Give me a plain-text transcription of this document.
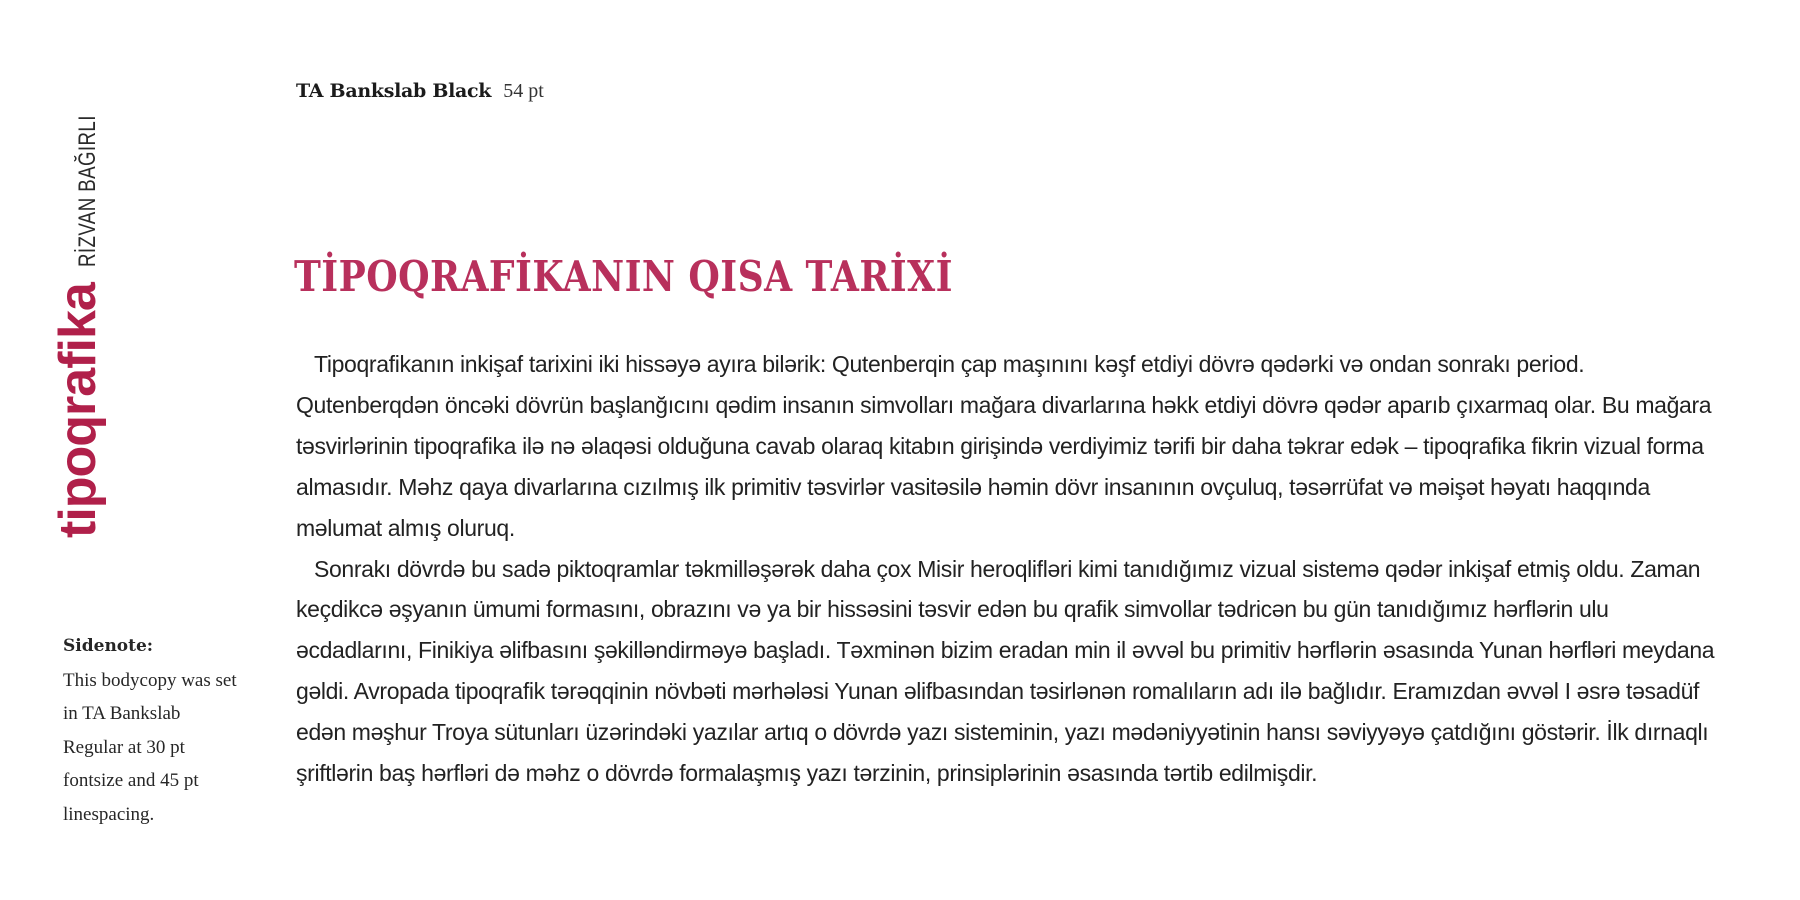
tipoqrafika
RİZVAN BAĞIRLI
TA Bankslab Black 54 pt
TİPOQRAFİKANIN QISA TARİXİ

Tipoqrafikanın inkişaf tarixini iki hissəyə ayıra bilərik: Qutenberqin çap maşınını kəşf etdiyi dövrə qədərki və ondan sonrakı period. Qutenberqdən öncəki dövrün başlanğıcını qədim insanın simvolları mağara divarlarına həkk etdiyi dövrə qədər aparıb çıxarmaq olar. Bu mağara təsvirlərinin tipoqrafika ilə nə əlaqəsi olduğuna cavab olaraq kitabın girişində verdiyimiz tərifi bir daha təkrar edək – tipoqrafika fikrin vizual forma almasıdır. Məhz qaya divarlarına cızılmış ilk primitiv təsvirlər vasitəsilə həmin dövr insanının ovçuluq, təsərrüfat və məişət həyatı haqqında məlumat almış oluruq.

Sonrakı dövrdə bu sadə piktoqramlar təkmilləşərək daha çox Misir heroqlifləri kimi tanıdığımız vizual sistemə qədər inkişaf etmiş oldu. Zaman keçdikcə əşyanın ümumi formasını, obrazını və ya bir hissəsini təsvir edən bu qrafik simvollar tədricən bu gün tanıdığımız hərflərin ulu əcdadlarını, Finikiya əlifbasını şəkillənd​irməyə başladı. Təxminən bizim eradan min il əvvəl bu primitiv hərflərin əsasında Yunan hərfləri meydana gəldi. Avropada tipoqrafik tərəqqinin növbəti mərhələsi Yunan əlifbasından təsirlənən romalıların adı ilə bağlıdır. Eramızdan əvvəl I əsrə təsadüf edən məşhur Troya sütunları üzərindəki yazılar artıq o dövrdə yazı sisteminin, yazı mədəniyyətinin hansı səviyyəyə çatdığını göstərir. İlk dırnaqlı şriftlərin baş hərfləri də məhz o dövrdə formalaşmış yazı tərzinin, prinsiplərinin əsasında tərtib edilmişdir.

Sidenote:
This bodycopy was set in TA Bankslab Regular at 30 pt fontsize and 45 pt linespacing.
